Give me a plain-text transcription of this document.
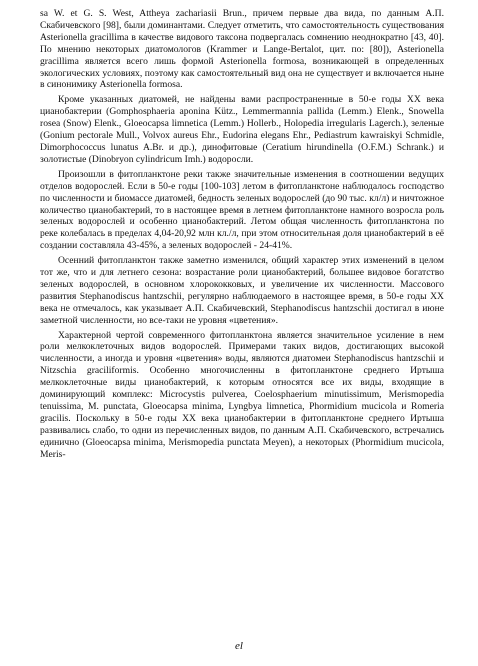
sa W. et G. S. West, Attheya zachariasii Brun., причем первые два вида, по данным А.П. Скабичевского [98], были доминантами. Следует отметить, что самостоятельность существования Asterionella gracillima в качестве видового таксона подвергалась сомнению неоднократно [43, 40]. По мнению некоторых диатомологов (Krammer и Lange-Bertalot, цит. по: [80]), Asterionella gracillima является всего лишь формой Asterionella formosa, возникающей в определенных экологических условиях, поэтому как самостоятельный вид она не существует и включается ныне в синонимику Asterionella formosa.

Кроме указанных диатомей, не найдены вами распространенные в 50-е годы XX века цианобактерии (Gomphosphaeria aponina Kütz., Lemmermannia pallida (Lemm.) Elenk., Snowella rosea (Snow) Elenk., Gloeocapsa limnetica (Lemm.) Hollerb., Holopedia irregularis Lagerch.), зеленые (Gonium pectorale Mull., Volvox aureus Ehr., Eudorina elegans Ehr., Pediastrum kawraiskyi Schmidle, Dimorphococcus lunatus A.Br. и др.), динофитовые (Ceratium hirundinella (O.F.M.) Schrank.) и золотистые (Dinobryon cylindricum Imh.) водоросли.

Произошли в фитопланктоне реки также значительные изменения в соотношении ведущих отделов водорослей. Если в 50-е годы [100-103] летом в фитопланктоне наблюдалось господство по численности и биомассе диатомей, бедность зеленых водорослей (до 90 тыс. кл/л) и ничтожное количество цианобактерий, то в настоящее время в летнем фитопланктоне намного возросла роль зеленых водорослей и особенно цианобактерий. Летом общая численность фитопланктона по реке колебалась в пределах 4,04-20,92 млн кл./л, при этом относительная доля цианобактерий в её создании составляла 43-45%, а зеленых водорослей - 24-41%.

Осенний фитопланктон также заметно изменился, общий характер этих изменений в целом тот же, что и для летнего сезона: возрастание роли цианобактерий, большее видовое богатство зеленых водорослей, в основном хлорококковых, и увеличение их численности. Массового развития Stephanodiscus hantzschii, регулярно наблюдаемого в настоящее время, в 50-е годы XX века не отмечалось, как указывает А.П. Скабичевский, Stephanodiscus hantzschii достигал в июне заметной численности, но все-таки не уровня «цветения».

Характерной чертой современного фитопланктона является значительное усиление в нем роли мелкоклеточных видов водорослей. Примерами таких видов, достигающих высокой численности, а иногда и уровня «цветения» воды, являются диатомеи Stephanodiscus hantzschii и Nitzschia graciliformis. Особенно многочисленны в фитопланктоне среднего Иртыша мелкоклеточные виды цианобактерий, к которым относятся все их виды, входящие в доминирующий комплекс: Microcystis pulverea, Coelosphaerium minutissimum, Merismopedia tenuissima, M. punctata, Gloeocapsa minima, Lyngbya limnetica, Phormidium mucicola и Romeria gracilis. Поскольку в 50-е годы XX века цианобактерии в фитопланктоне среднего Иртыша развивались слабо, то одни из перечисленных видов, по данным А.П. Скабичевского, встречались единично (Gloeocapsa minima, Merismopedia punctata Meyen), а некоторых (Phormidium mucicola, Meris-

el
